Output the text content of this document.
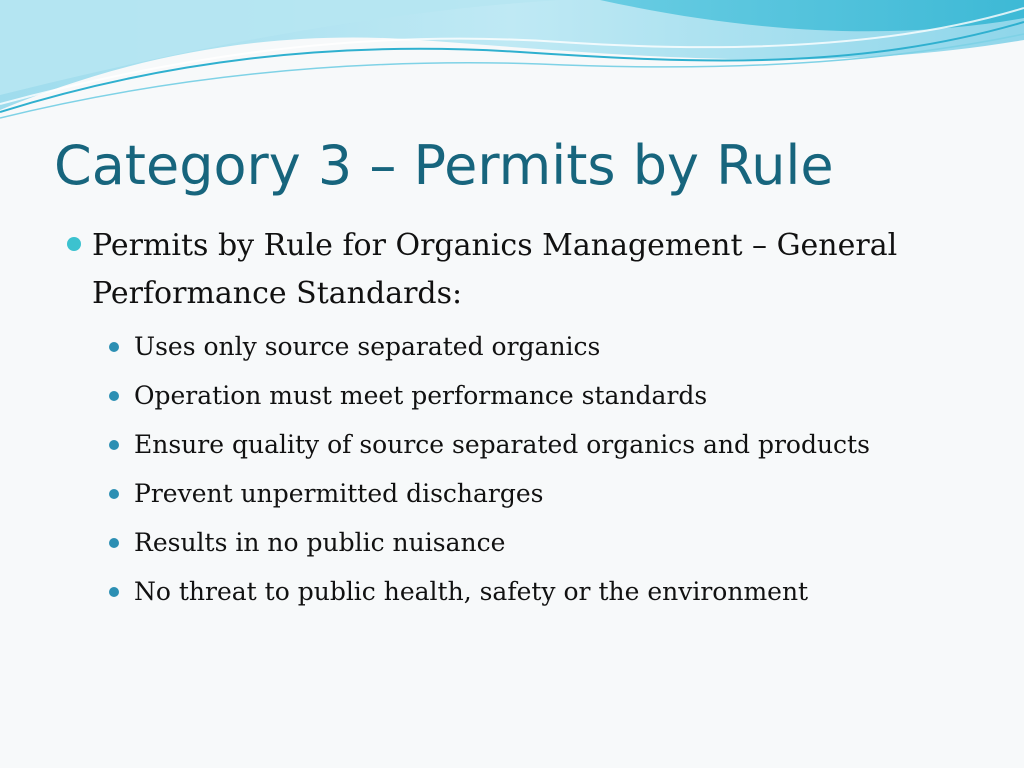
Category 3 – Permits by Rule
Permits by Rule for Organics Management – General Performance Standards:
Uses only source separated organics
Operation must meet performance standards
Ensure quality of source separated organics and products
Prevent unpermitted discharges
Results in no public nuisance
No threat to public health, safety or the environment
